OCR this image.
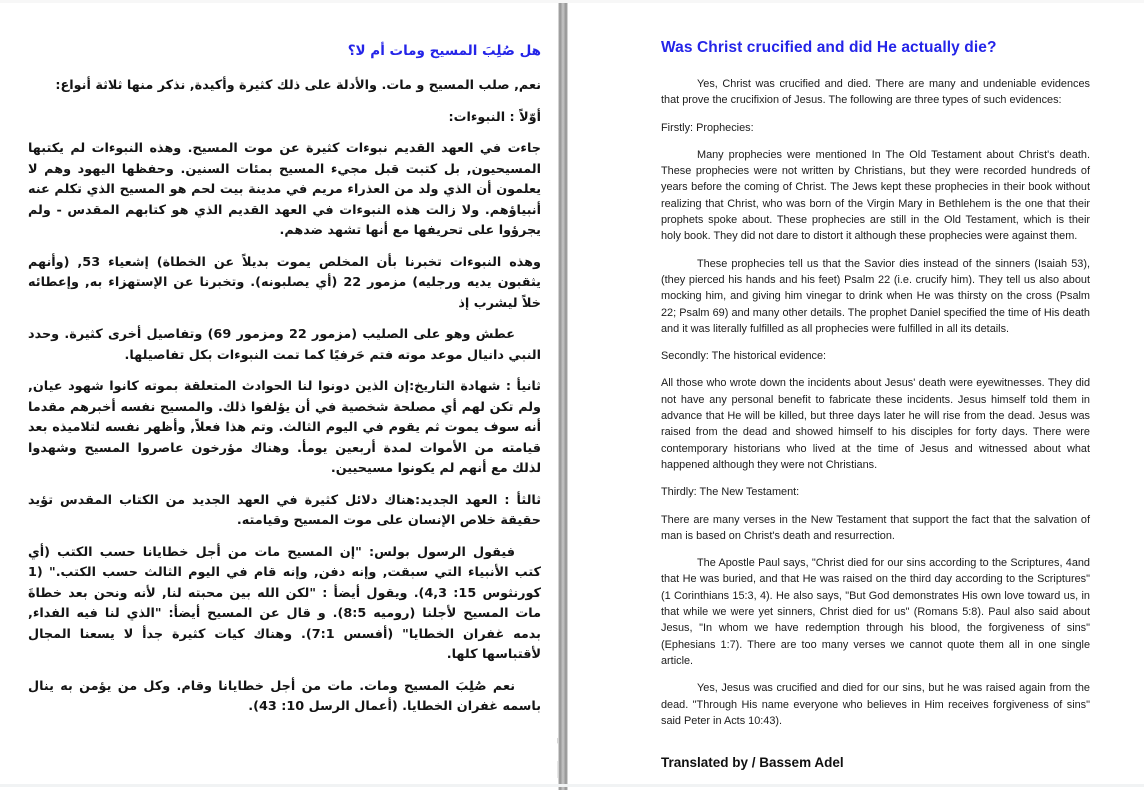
هل صُلِبَ المسيح ومات أم لا؟

نعم, صلب المسيح و مات. والأدلة على ذلك كثيرة وأكيدة, نذكر منها ثلاثة أنواع:

أوّلاً : النبوءات:

جاءت في العهد القديم نبوءات كثيرة عن موت المسيح. وهذه النبوءات لم يكتبها المسيحيون, بل كتبت قبل مجيء المسيح بمئات السنين. وحفظها اليهود وهم لا يعلمون أن الذي ولد من العذراء مريم في مدينة بيت لحم هو المسيح الذي تكلم عنه أنبياؤهم. ولا زالت هذه النبوءات في العهد القديم الذي هو كتابهم المقدس - ولم يجرؤوا على تحريفها مع أنها تشهد ضدهم.

وهذه النبوءات تخبرنا بأن المخلص يموت بديلاً عن الخطاة) إشعياء 53, (وأنهم يثقبون يديه ورجليه) مزمور 22 (أي يصلبونه). وتخبرنا عن الإستهزاء به, وإعطائه خلاً ليشرب إذ

عطش وهو على الصليب (مزمور 22 ومزمور 69) وتفاصيل أخرى كثيرة. وحدد النبي دانيال موعد موته فتم حَرفيًا كما تمت النبوءات بكل تفاصيلها.

ثانيأ : شهادة التاريخ:إن الذين دونوا لنا الحوادث المتعلقة بموته كانوا شهود عيان, ولم تكن لهم أي مصلحة شخصية في أن يؤلفوا ذلك. والمسيح نفسه أخبرهم مقدما أنه سوف يموت ثم يقوم في اليوم الثالث. وتم هذا فعلاً, وأظهر نفسه لتلاميذه بعد قيامته من الأموات لمدة أربعين يومأ. وهناك مؤرخون عاصروا المسيح وشهدوا لذلك مع أنهم لم يكونوا مسيحيين.

ثالثأ : العهد الجديد:هناك دلائل كثيرة في العهد الجديد من الكتاب المقدس تؤيد حقيقة خلاص الإنسان على موت المسيح وقيامته.

فيقول الرسول بولس: "إن المسيح مات من أجل خطايانا حسب الكتب (أي كتب الأنبياء التي سبقت, وإنه دفن, وإنه قام في اليوم الثالث حسب الكتب." (1 كورنثوس 15: 4,3). ويقول أيضأ : "لكن الله بين محبته لنا, لأنه ونحن بعد خطاةَ مات المسيح لأجلنا (روميه 8:5). و قال عن المسيح أيضأ: "الذي لنا فيه الفداء, بدمه غفران الخطايا" (أفسس 7:1). وهناك كيات كثيرة جدأ لا يسعنا المجال لأقتباسها كلها.

نعم صُلِبَ المسيح ومات. مات من أجل خطايانا وقام. وكل من يؤمن به ينال باسمه غفران الخطايا. (أعمال الرسل 10: 43).

Was Christ crucified and did He actually die?

Yes, Christ was crucified and died. There are many and undeniable evidences that prove the crucifixion of Jesus. The following are three types of such evidences:

Firstly: Prophecies:

Many prophecies were mentioned In The Old Testament about Christ's death. These prophecies were not written by Christians, but they were recorded hundreds of years before the coming of Christ. The Jews kept these prophecies in their book without realizing that Christ, who was born of the Virgin Mary in Bethlehem is the one that their prophets spoke about. These prophecies are still in the Old Testament, which is their holy book. They did not dare to distort it although these prophecies were against them.

These prophecies tell us that the Savior dies instead of the sinners (Isaiah 53), (they pierced his hands and his feet) Psalm 22 (i.e. crucify him). They tell us also about mocking him, and giving him vinegar to drink when He was thirsty on the cross (Psalm 22; Psalm 69) and many other details. The prophet Daniel specified the time of His death and it was literally fulfilled as all prophecies were fulfilled in all its details.

Secondly: The historical evidence:

All those who wrote down the incidents about Jesus' death were eyewitnesses. They did not have any personal benefit to fabricate these incidents. Jesus himself told them in advance that He will be killed, but three days later he will rise from the dead. Jesus was raised from the dead and showed himself to his disciples for forty days. There were contemporary historians who lived at the time of Jesus and witnessed about what happened although they were not Christians.

Thirdly: The New Testament:

There are many verses in the New Testament that support the fact that the salvation of man is based on Christ's death and resurrection.

The Apostle Paul says, "Christ died for our sins according to the Scriptures, 4and that He was buried, and that He was raised on the third day according to the Scriptures" (1 Corinthians 15:3, 4). He also says, "But God demonstrates His own love toward us, in that while we were yet sinners, Christ died for us" (Romans 5:8). Paul also said about Jesus, "In whom we have redemption through his blood, the forgiveness of sins" (Ephesians 1:7). There are too many verses we cannot quote them all in one single article.

Yes, Jesus was crucified and died for our sins, but he was raised again from the dead. "Through His name everyone who believes in Him receives forgiveness of sins" said Peter in Acts 10:43).

Translated by / Bassem Adel
